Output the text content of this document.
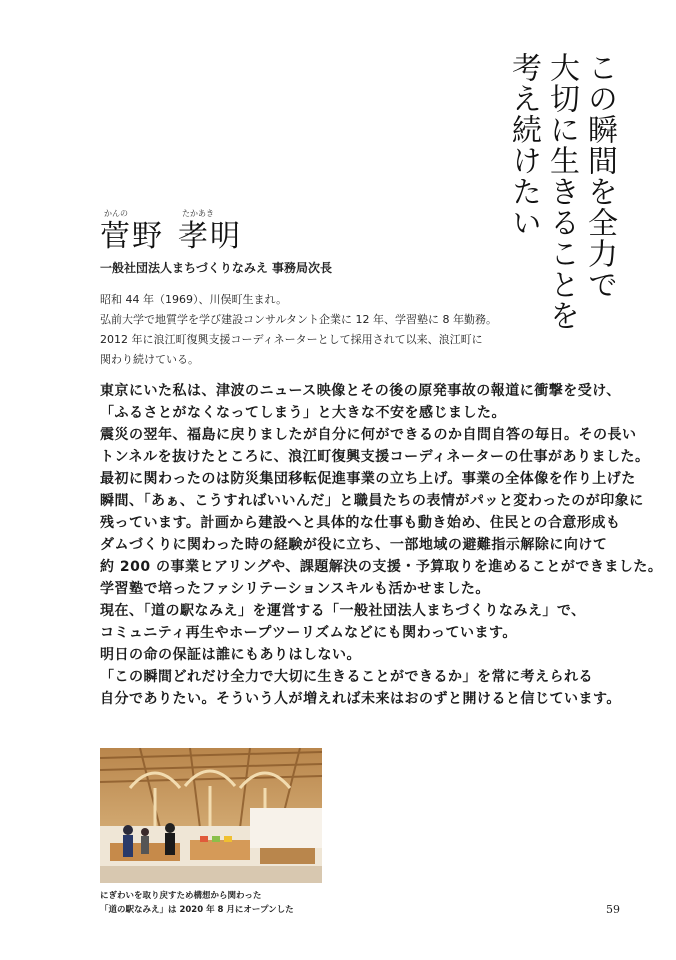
この瞬間を全力で
大切に生きることを
考え続けたい
かんの	たかあき
菅野 孝明
一般社団法人まちづくりなみえ 事務局次長
昭和 44 年（1969）、川俣町生まれ。
弘前大学で地質学を学び建設コンサルタント企業に 12 年、学習塾に 8 年勤務。
2012 年に浪江町復興支援コーディネーターとして採用されて以来、浪江町に
関わり続けている。
東京にいた私は、津波のニュース映像とその後の原発事故の報道に衝撃を受け、
「ふるさとがなくなってしまう」と大きな不安を感じました。
震災の翌年、福島に戻りましたが自分に何ができるのか自問自答の毎日。その長い
トンネルを抜けたところに、浪江町復興支援コーディネーターの仕事がありました。
最初に関わったのは防災集団移転促進事業の立ち上げ。事業の全体像を作り上げた
瞬間、「あぁ、こうすればいいんだ」と職員たちの表情がパッと変わったのが印象に
残っています。計画から建設へと具体的な仕事も動き始め、住民との合意形成も
ダムづくりに関わった時の経験が役に立ち、一部地域の避難指示解除に向けて
約 200 の事業ヒアリングや、課題解決の支援・予算取りを進めることができました。
学習塾で培ったファシリテーションスキルも活かせました。
現在、「道の駅なみえ」を運営する「一般社団法人まちづくりなみえ」で、
コミュニティ再生やホープツーリズムなどにも関わっています。
明日の命の保証は誰にもありはしない。
「この瞬間どれだけ全力で大切に生きることができるか」を常に考えられる
自分でありたい。そういう人が増えれば未来はおのずと開けると信じています。
にぎわいを取り戻すため構想から関わった
「道の駅なみえ」は 2020 年 8 月にオープンした	59
